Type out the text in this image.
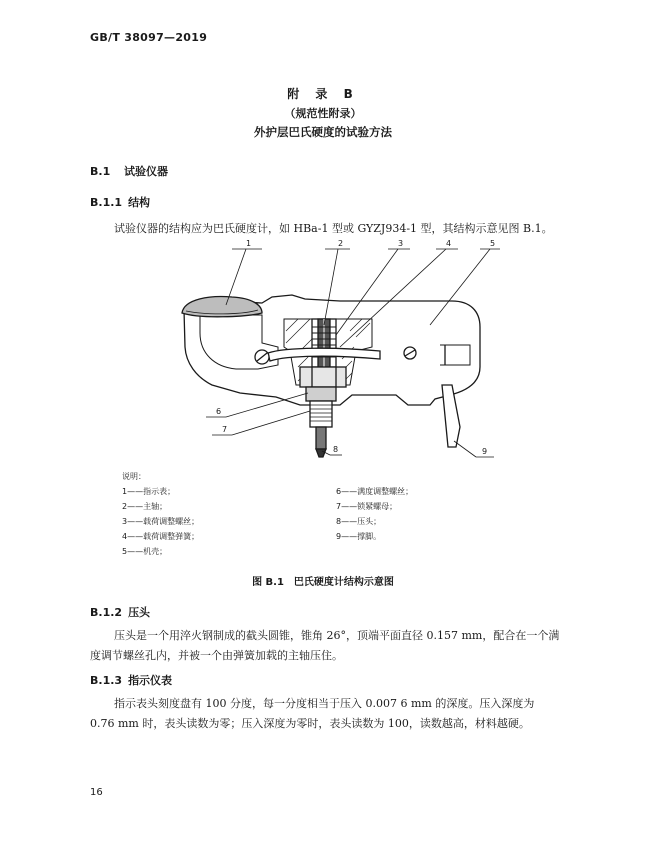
GB/T 38097—2019
附 录 B
（规范性附录）
外护层巴氏硬度的试验方法
B.1 试验仪器
B.1.1 结构
试验仪器的结构应为巴氏硬度计，如 HBa-1 型或 GYZJ934-1 型，其结构示意见图 B.1。
1	2	3	4	5
6
7
8	9
说明：
1——指示表；
2——主轴；
3——载荷调整螺丝；
4——载荷调整弹簧；
5——机壳；
6——满度调整螺丝；
7——锁紧螺母；
8——压头；
9——撑脚。
图 B.1　巴氏硬度计结构示意图
B.1.2 压头
压头是一个用淬火钢制成的截头圆锥，锥角 26°，顶端平面直径 0.157 mm，配合在一个满度调节螺丝孔内，并被一个由弹簧加载的主轴压住。
B.1.3 指示仪表
指示表头刻度盘有 100 分度，每一分度相当于压入 0.007 6 mm 的深度。压入深度为 0.76 mm 时，表头读数为零；压入深度为零时，表头读数为 100，读数越高，材料越硬。
16
